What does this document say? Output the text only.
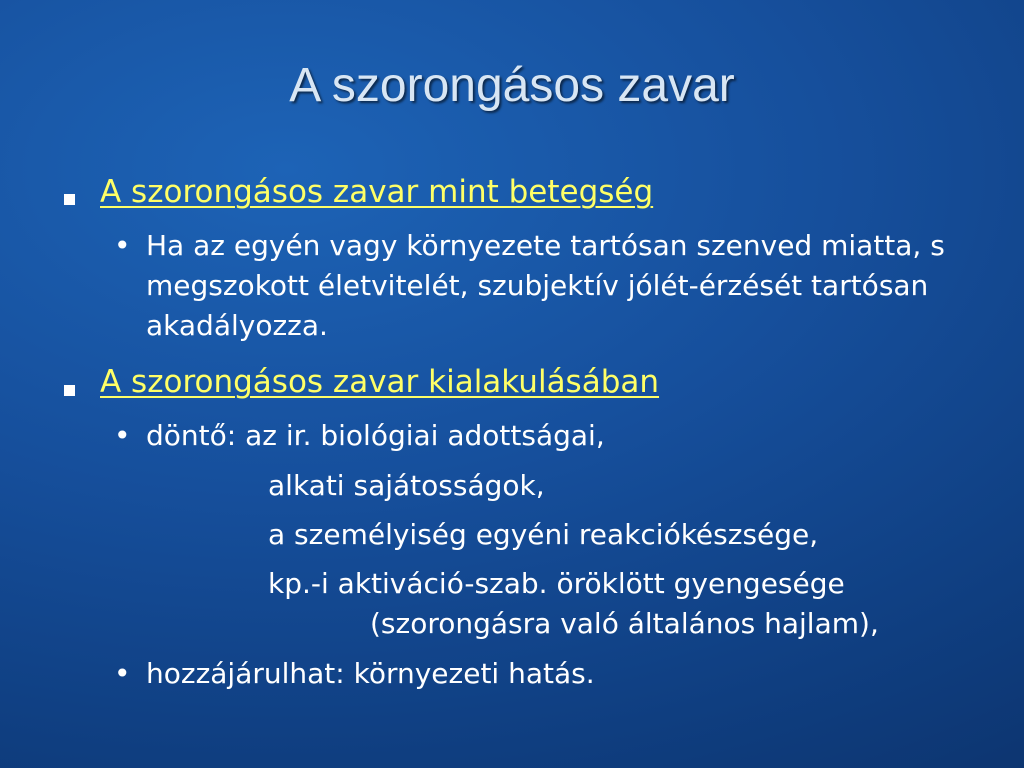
A szorongásos zavar
A szorongásos zavar mint betegség
• Ha az egyén vagy környezete tartósan szenved miatta, s megszokott életvitelét, szubjektív jólét-érzését tartósan akadályozza.
A szorongásos zavar kialakulásában
• döntő: az ir. biológiai adottságai,
alkati sajátosságok,
a személyiség egyéni reakciókészsége,
kp.-i aktiváció-szab. öröklött gyengesége
(szorongásra való általános hajlam),
• hozzájárulhat: környezeti hatás.
